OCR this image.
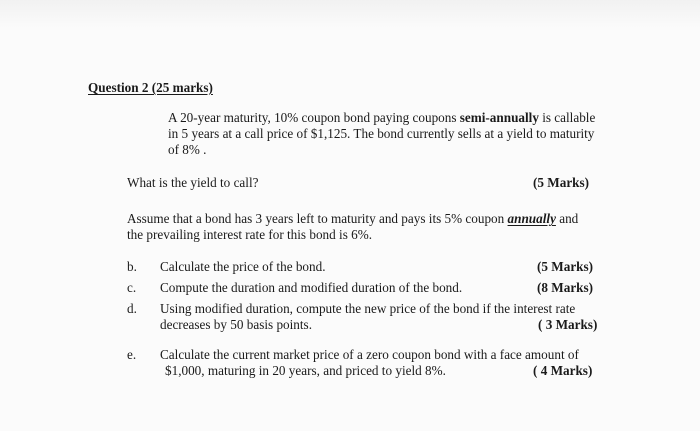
Question 2 (25 marks)
A 20-year maturity, 10% coupon bond paying coupons semi-annually is callable
in 5 years at a call price of $1,125. The bond currently sells at a yield to maturity
of 8% .
What is the yield to call?	(5 Marks)
Assume that a bond has 3 years left to maturity and pays its 5% coupon annually and
the prevailing interest rate for this bond is 6%.
b. Calculate the price of the bond.	(5 Marks)
c. Compute the duration and modified duration of the bond.	(8 Marks)
d. Using modified duration, compute the new price of the bond if the interest rate
decreases by 50 basis points.	( 3 Marks)
e. Calculate the current market price of a zero coupon bond with a face amount of
$1,000, maturing in 20 years, and priced to yield 8%.	( 4 Marks)
